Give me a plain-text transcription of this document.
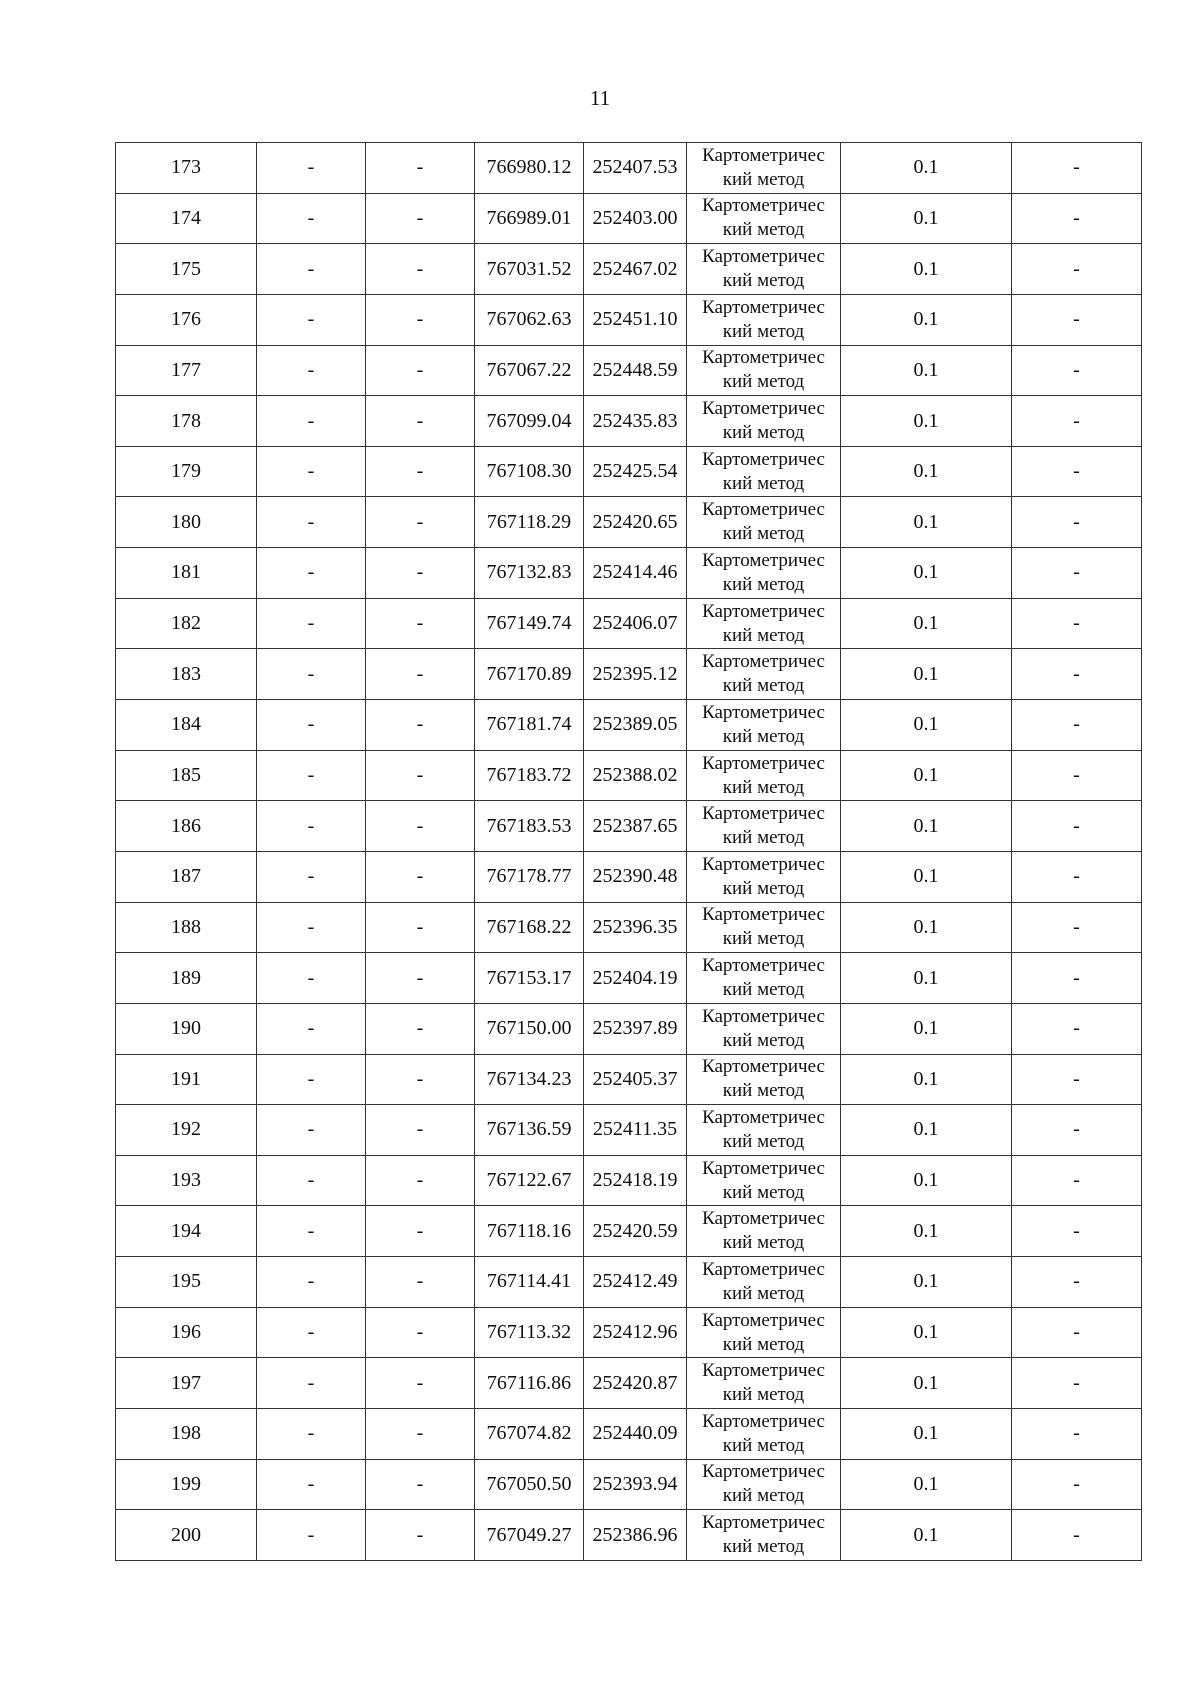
11
173	-	-	766980.12	252407.53	Картометричес
кий метод	0.1	-
174	-	-	766989.01	252403.00	Картометричес
кий метод	0.1	-
175	-	-	767031.52	252467.02	Картометричес
кий метод	0.1	-
176	-	-	767062.63	252451.10	Картометричес
кий метод	0.1	-
177	-	-	767067.22	252448.59	Картометричес
кий метод	0.1	-
178	-	-	767099.04	252435.83	Картометричес
кий метод	0.1	-
179	-	-	767108.30	252425.54	Картометричес
кий метод	0.1	-
180	-	-	767118.29	252420.65	Картометричес
кий метод	0.1	-
181	-	-	767132.83	252414.46	Картометричес
кий метод	0.1	-
182	-	-	767149.74	252406.07	Картометричес
кий метод	0.1	-
183	-	-	767170.89	252395.12	Картометричес
кий метод	0.1	-
184	-	-	767181.74	252389.05	Картометричес
кий метод	0.1	-
185	-	-	767183.72	252388.02	Картометричес
кий метод	0.1	-
186	-	-	767183.53	252387.65	Картометричес
кий метод	0.1	-
187	-	-	767178.77	252390.48	Картометричес
кий метод	0.1	-
188	-	-	767168.22	252396.35	Картометричес
кий метод	0.1	-
189	-	-	767153.17	252404.19	Картометричес
кий метод	0.1	-
190	-	-	767150.00	252397.89	Картометричес
кий метод	0.1	-
191	-	-	767134.23	252405.37	Картометричес
кий метод	0.1	-
192	-	-	767136.59	252411.35	Картометричес
кий метод	0.1	-
193	-	-	767122.67	252418.19	Картометричес
кий метод	0.1	-
194	-	-	767118.16	252420.59	Картометричес
кий метод	0.1	-
195	-	-	767114.41	252412.49	Картометричес
кий метод	0.1	-
196	-	-	767113.32	252412.96	Картометричес
кий метод	0.1	-
197	-	-	767116.86	252420.87	Картометричес
кий метод	0.1	-
198	-	-	767074.82	252440.09	Картометричес
кий метод	0.1	-
199	-	-	767050.50	252393.94	Картометричес
кий метод	0.1	-
200	-	-	767049.27	252386.96	Картометричес
кий метод	0.1	-
